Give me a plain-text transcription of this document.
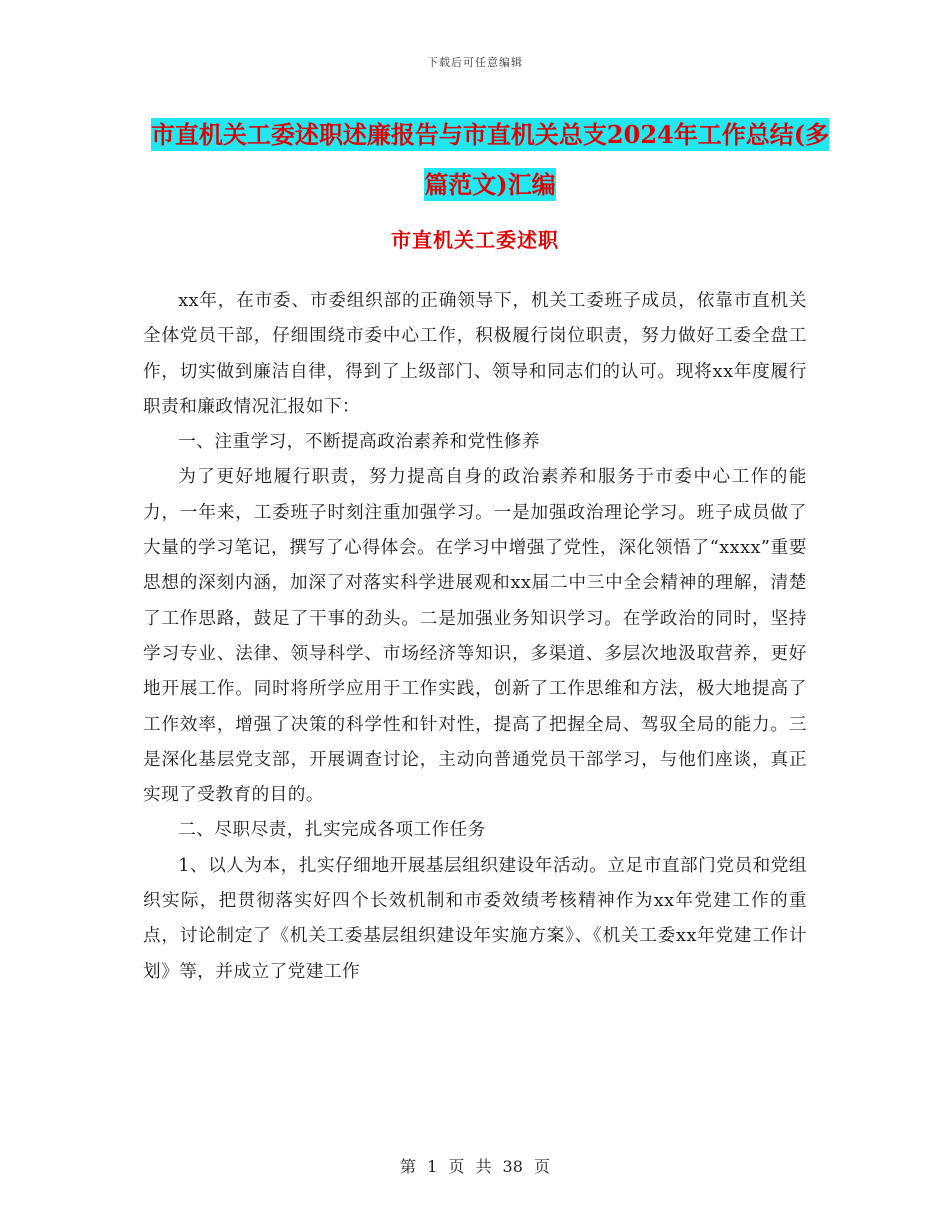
下载后可任意编辑
市直机关工委述职述廉报告与市直机关总支2024年工作总结(多篇范文)汇编
市直机关工委述职

xx年，在市委、市委组织部的正确领导下，机关工委班子成员，依靠市直机关全体党员干部，仔细围绕市委中心工作，积极履行岗位职责，努力做好工委全盘工作，切实做到廉洁自律，得到了上级部门、领导和同志们的认可。现将xx年度履行职责和廉政情况汇报如下：

一、注重学习，不断提高政治素养和党性修养

为了更好地履行职责，努力提高自身的政治素养和服务于市委中心工作的能力，一年来，工委班子时刻注重加强学习。一是加强政治理论学习。班子成员做了大量的学习笔记，撰写了心得体会。在学习中增强了党性，深化领悟了“xxxx”重要思想的深刻内涵，加深了对落实科学进展观和xx届二中三中全会精神的理解，清楚了工作思路，鼓足了干事的劲头。二是加强业务知识学习。在学政治的同时，坚持学习专业、法律、领导科学、市场经济等知识，多渠道、多层次地汲取营养，更好地开展工作。同时将所学应用于工作实践，创新了工作思维和方法，极大地提高了工作效率，增强了决策的科学性和针对性，提高了把握全局、驾驭全局的能力。三是深化基层党支部，开展调查讨论，主动向普通党员干部学习，与他们座谈，真正实现了受教育的目的。

二、尽职尽责，扎实完成各项工作任务

1、以人为本，扎实仔细地开展基层组织建设年活动。立足市直部门党员和党组织实际，把贯彻落实好四个长效机制和市委效绩考核精神作为xx年党建工作的重点，讨论制定了《机关工委基层组织建设年实施方案》、《机关工委xx年党建工作计划》等，并成立了党建工作

第 1 页 共 38 页
